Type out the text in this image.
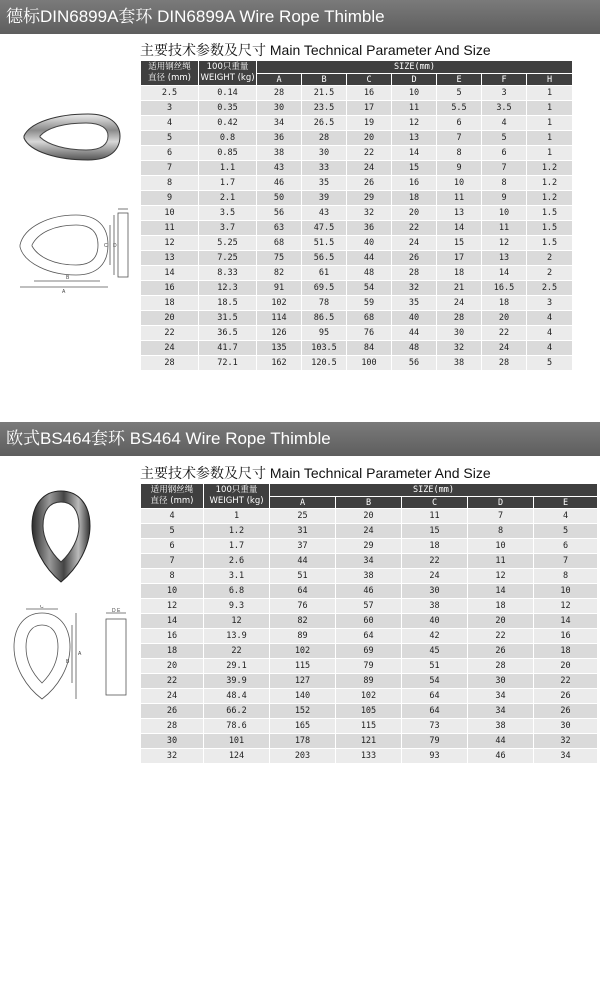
德标DIN6899A套环 DIN6899A Wire Rope Thimble
主要技术参数及尺寸 Main Technical Parameter And Size
A
B
C D
适用钢丝绳
直径 (mm)	100只重量
WEIGHT (kg)	SIZE(mm)						
		A	B	C	D	E	F	H
2.5	0.14	28	21.5	16	10	5	3	1
3	0.35	30	23.5	17	11	5.5	3.5	1
4	0.42	34	26.5	19	12	6	4	1
5	0.8	36	28	20	13	7	5	1
6	0.85	38	30	22	14	8	6	1
7	1.1	43	33	24	15	9	7	1.2
8	1.7	46	35	26	16	10	8	1.2
9	2.1	50	39	29	18	11	9	1.2
10	3.5	56	43	32	20	13	10	1.5
11	3.7	63	47.5	36	22	14	11	1.5
12	5.25	68	51.5	40	24	15	12	1.5
13	7.25	75	56.5	44	26	17	13	2
14	8.33	82	61	48	28	18	14	2
16	12.3	91	69.5	54	32	21	16.5	2.5
18	18.5	102	78	59	35	24	18	3
20	31.5	114	86.5	68	40	28	20	4
22	36.5	126	95	76	44	30	22	4
24	41.7	135	103.5	84	48	32	24	4
28	72.1	162	120.5	100	56	38	28	5
欧式BS464套环 BS464 Wire Rope Thimble
主要技术参数及尺寸 Main Technical Parameter And Size
C
A
B
D E
适用钢丝绳
直径 (mm)	100只重量
WEIGHT (kg)	SIZE(mm)				
		A	B	C	D	E
4	1	25	20	11	7	4
5	1.2	31	24	15	8	5
6	1.7	37	29	18	10	6
7	2.6	44	34	22	11	7
8	3.1	51	38	24	12	8
10	6.8	64	46	30	14	10
12	9.3	76	57	38	18	12
14	12	82	60	40	20	14
16	13.9	89	64	42	22	16
18	22	102	69	45	26	18
20	29.1	115	79	51	28	20
22	39.9	127	89	54	30	22
24	48.4	140	102	64	34	26
26	66.2	152	105	64	34	26
28	78.6	165	115	73	38	30
30	101	178	121	79	44	32
32	124	203	133	93	46	34
